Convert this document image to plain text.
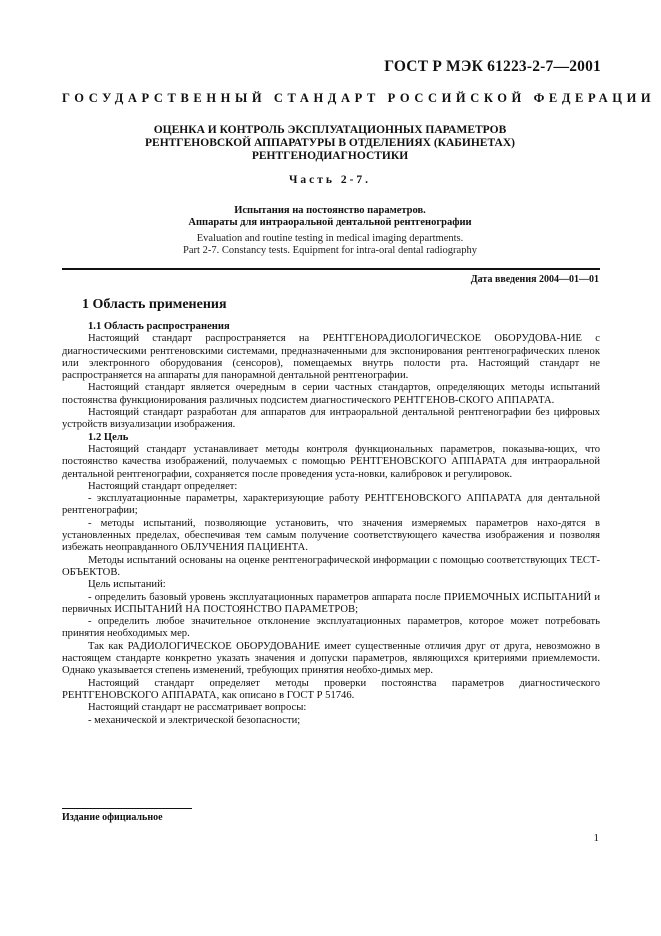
ГОСТ Р МЭК 61223-2-7—2001
ГОСУДАРСТВЕННЫЙ СТАНДАРТ РОССИЙСКОЙ ФЕДЕРАЦИИ
ОЦЕНКА И КОНТРОЛЬ ЭКСПЛУАТАЦИОННЫХ ПАРАМЕТРОВ
РЕНТГЕНОВСКОЙ АППАРАТУРЫ В ОТДЕЛЕНИЯХ (КАБИНЕТАХ)
РЕНТГЕНОДИАГНОСТИКИ
Часть 2-7.
Испытания на постоянство параметров.
Аппараты для интраоральной дентальной рентгенографии
Evaluation and routine testing in medical imaging departments.
Part 2-7. Constancy tests. Equipment for intra-oral dental radiography
Дата введения 2004—01—01
1 Область применения

1.1 Область распространения

Настоящий стандарт распространяется на РЕНТГЕНОРАДИОЛОГИЧЕСКОЕ ОБОРУДОВА-НИЕ с диагностическими рентгеновскими системами, предназначенными для экспонирования рентгенографических пленок или электронного оборудования (сенсоров), помещаемых внутрь полости рта. Настоящий стандарт не распространяется на аппараты для панорамной дентальной рентгенографии.

Настоящий стандарт является очередным в серии частных стандартов, определяющих методы испытаний постоянства функционирования различных подсистем диагностического РЕНТГЕНОВ-СКОГО АППАРАТА.

Настоящий стандарт разработан для аппаратов для интраоральной дентальной рентгенографии без цифровых устройств визуализации изображения.

1.2 Цель

Настоящий стандарт устанавливает методы контроля функциональных параметров, показыва-ющих, что постоянство качества изображений, получаемых с помощью РЕНТГЕНОВСКОГО АППАРАТА для интраоральной дентальной рентгенографии, сохраняется после проведения уста-новки, калибровок и регулировок.

Настоящий стандарт определяет:

- эксплуатационные параметры, характеризующие работу РЕНТГЕНОВСКОГО АППАРАТА для дентальной рентгенографии;

- методы испытаний, позволяющие установить, что значения измеряемых параметров нахо-дятся в установленных пределах, обеспечивая тем самым получение соответствующего качества изображения и позволяя избежать неоправданного ОБЛУЧЕНИЯ ПАЦИЕНТА.

Методы испытаний основаны на оценке рентгенографической информации с помощью соответствующих ТЕСТ-ОБЪЕКТОВ.

Цель испытаний:

- определить базовый уровень эксплуатационных параметров аппарата после ПРИЕМОЧНЫХ ИСПЫТАНИЙ и первичных ИСПЫТАНИЙ НА ПОСТОЯНСТВО ПАРАМЕТРОВ;

- определить любое значительное отклонение эксплуатационных параметров, которое может потребовать принятия необходимых мер.

Так как РАДИОЛОГИЧЕСКОЕ ОБОРУДОВАНИЕ имеет существенные отличия друг от друга, невозможно в настоящем стандарте конкретно указать значения и допуски параметров, являющихся критериями приемлемости. Однако указывается степень изменений, требующих принятия необхо-димых мер.

Настоящий стандарт определяет методы проверки постоянства параметров диагностического РЕНТГЕНОВСКОГО АППАРАТА, как описано в ГОСТ Р 51746.

Настоящий стандарт не рассматривает вопросы:

- механической и электрической безопасности;

Издание официальное
1
